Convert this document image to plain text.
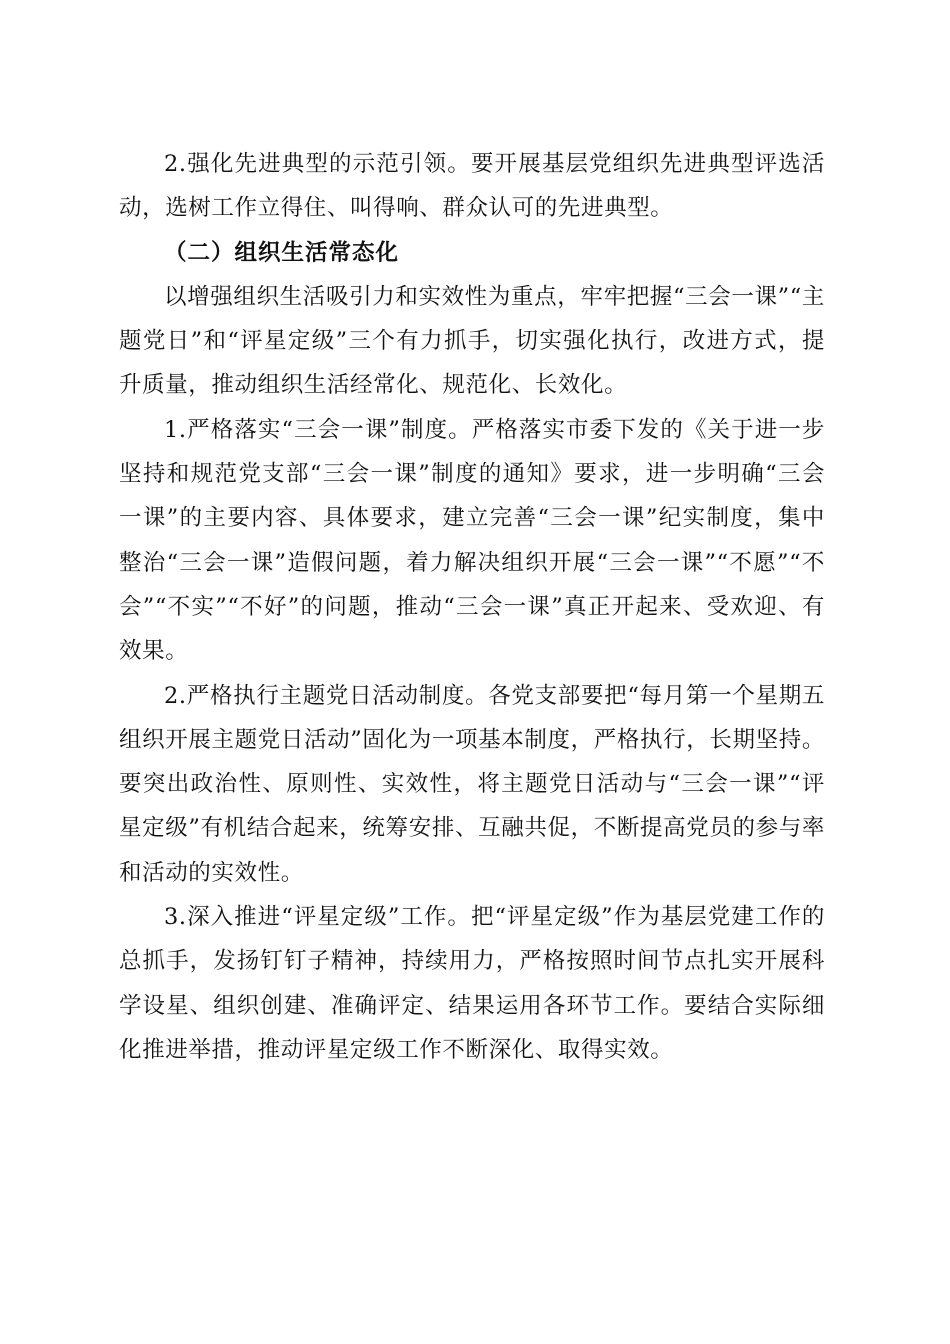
2.强化先进典型的示范引领。要开展基层党组织先进典型评选活动，选树工作立得住、叫得响、群众认可的先进典型。

（二）组织生活常态化

以增强组织生活吸引力和实效性为重点，牢牢把握“三会一课”“主题党日”和“评星定级”三个有力抓手，切实强化执行，改进方式，提升质量，推动组织生活经常化、规范化、长效化。

1.严格落实“三会一课”制度。严格落实市委下发的《关于进一步坚持和规范党支部“三会一课”制度的通知》要求，进一步明确“三会一课”的主要内容、具体要求，建立完善“三会一课”纪实制度，集中整治“三会一课”造假问题，着力解决组织开展“三会一课”“不愿”“不会”“不实”“不好”的问题，推动“三会一课”真正开起来、受欢迎、有效果。

2.严格执行主题党日活动制度。各党支部要把“每月第一个星期五组织开展主题党日活动”固化为一项基本制度，严格执行，长期坚持。要突出政治性、原则性、实效性，将主题党日活动与“三会一课”“评星定级”有机结合起来，统筹安排、互融共促，不断提高党员的参与率和活动的实效性。

3.深入推进“评星定级”工作。把“评星定级”作为基层党建工作的总抓手，发扬钉钉子精神，持续用力，严格按照时间节点扎实开展科学设星、组织创建、准确评定、结果运用各环节工作。要结合实际细化推进举措，推动评星定级工作不断深化、取得实效。
